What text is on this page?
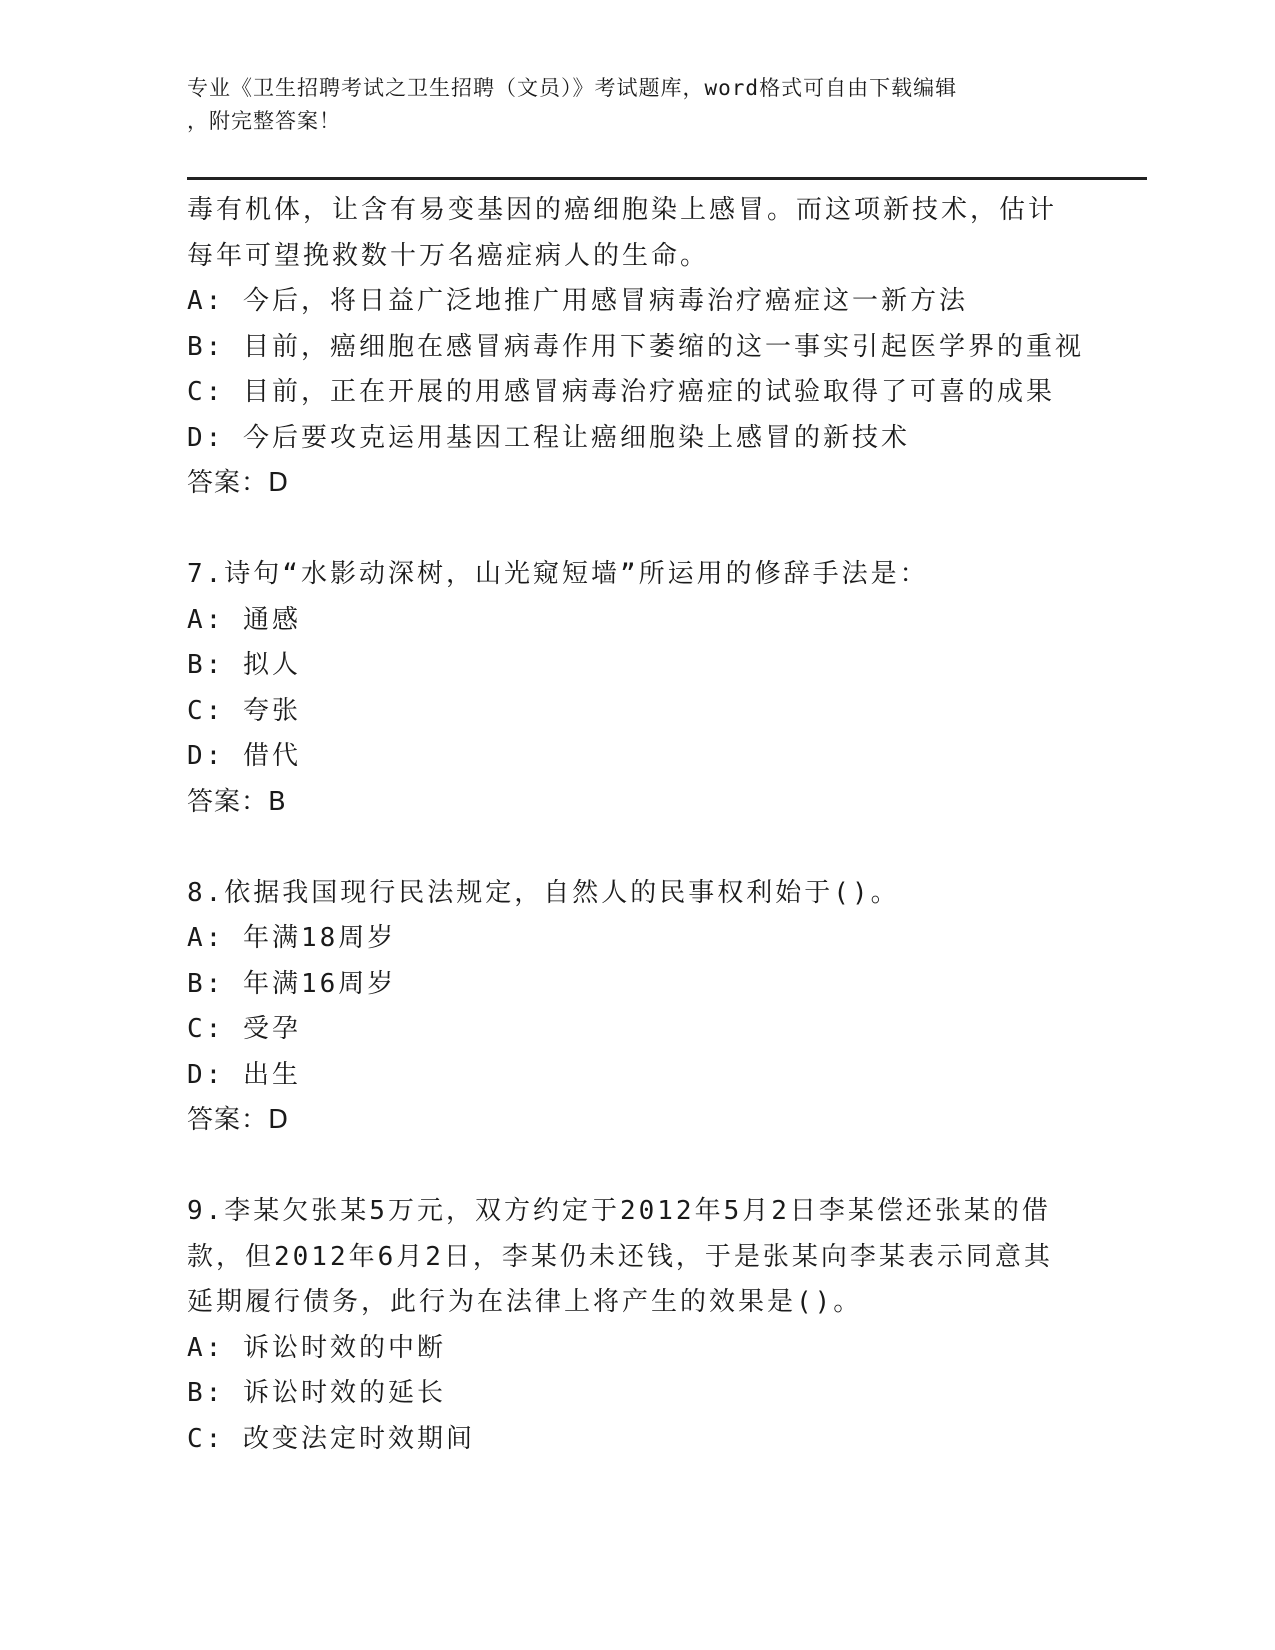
专业《卫生招聘考试之卫生招聘（文员）》考试题库，word格式可自由下载编辑
，附完整答案！
毒有机体，让含有易变基因的癌细胞染上感冒。而这项新技术，估计
每年可望挽救数十万名癌症病人的生命。
A: 今后，将日益广泛地推广用感冒病毒治疗癌症这一新方法
B: 目前，癌细胞在感冒病毒作用下萎缩的这一事实引起医学界的重视
C: 目前，正在开展的用感冒病毒治疗癌症的试验取得了可喜的成果
D: 今后要攻克运用基因工程让癌细胞染上感冒的新技术
答案：D
7.诗句“水影动深树，山光窥短墙”所运用的修辞手法是：
A: 通感
B: 拟人
C: 夸张
D: 借代
答案：B
8.依据我国现行民法规定，自然人的民事权利始于()。
A: 年满18周岁
B: 年满16周岁
C: 受孕
D: 出生
答案：D
9.李某欠张某5万元，双方约定于2012年5月2日李某偿还张某的借
款，但2012年6月2日，李某仍未还钱，于是张某向李某表示同意其
延期履行债务，此行为在法律上将产生的效果是()。
A: 诉讼时效的中断
B: 诉讼时效的延长
C: 改变法定时效期间
